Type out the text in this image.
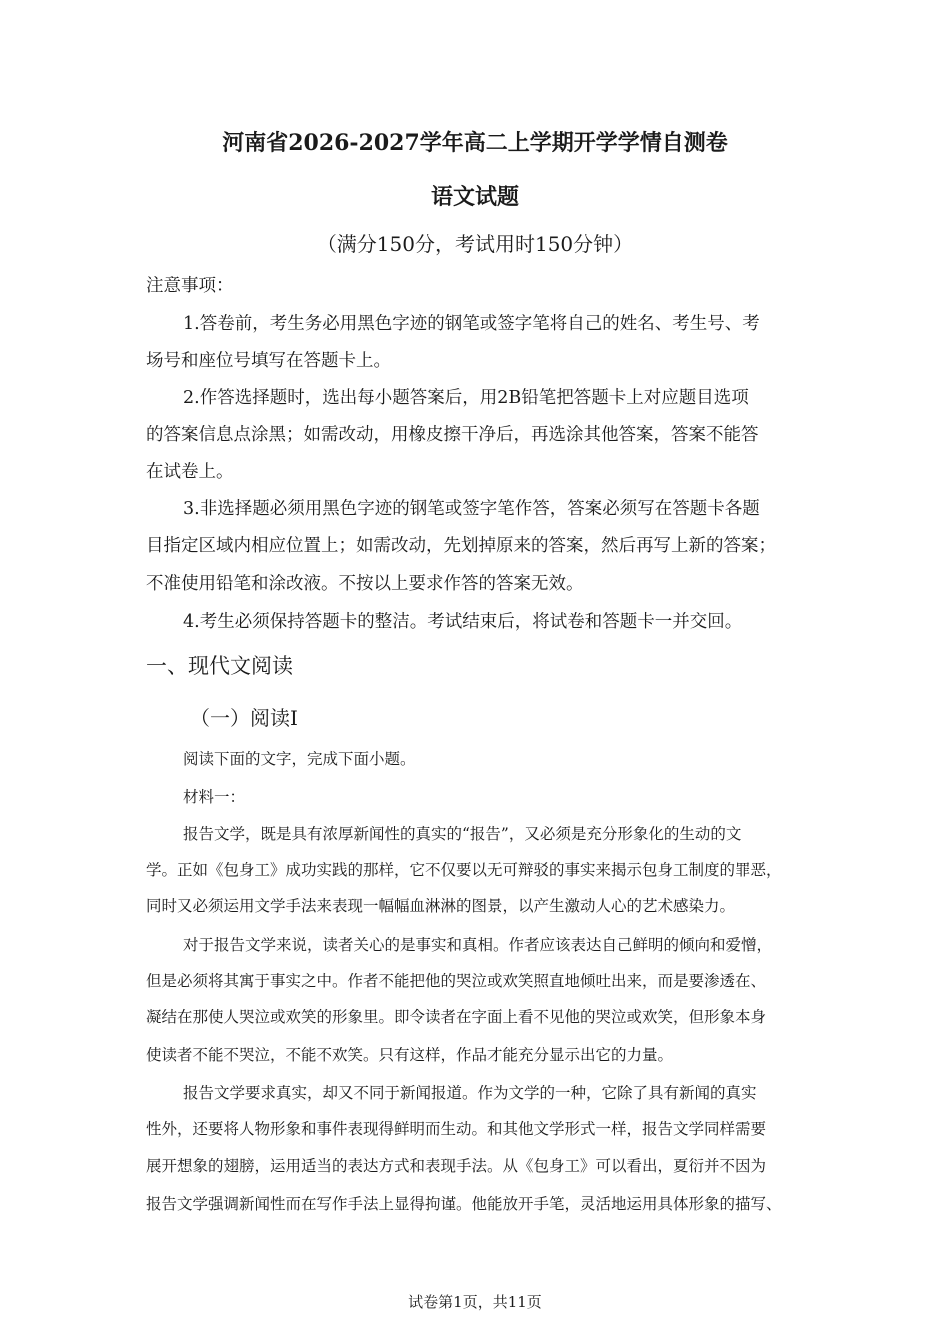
河南省2026-2027学年高二上学期开学学情自测卷
语文试题
（满分150分，考试用时150分钟）
注意事项：
1.答卷前，考生务必用黑色字迹的钢笔或签字笔将自己的姓名、考生号、考
场号和座位号填写在答题卡上。
2.作答选择题时，选出每小题答案后，用2B铅笔把答题卡上对应题目选项
的答案信息点涂黑；如需改动，用橡皮擦干净后，再选涂其他答案，答案不能答
在试卷上。
3.非选择题必须用黑色字迹的钢笔或签字笔作答，答案必须写在答题卡各题
目指定区域内相应位置上；如需改动，先划掉原来的答案，然后再写上新的答案；
不准使用铅笔和涂改液。不按以上要求作答的答案无效。
4.考生必须保持答题卡的整洁。考试结束后，将试卷和答题卡一并交回。
一、现代文阅读
（一）阅读Ⅰ
阅读下面的文字，完成下面小题。
材料一：
报告文学，既是具有浓厚新闻性的真实的“报告”，又必须是充分形象化的生动的文
学。正如《包身工》成功实践的那样，它不仅要以无可辩驳的事实来揭示包身工制度的罪恶，
同时又必须运用文学手法来表现一幅幅血淋淋的图景，以产生激动人心的艺术感染力。
对于报告文学来说，读者关心的是事实和真相。作者应该表达自己鲜明的倾向和爱憎，
但是必须将其寓于事实之中。作者不能把他的哭泣或欢笑照直地倾吐出来，而是要渗透在、
凝结在那使人哭泣或欢笑的形象里。即令读者在字面上看不见他的哭泣或欢笑，但形象本身
使读者不能不哭泣，不能不欢笑。只有这样，作品才能充分显示出它的力量。
报告文学要求真实，却又不同于新闻报道。作为文学的一种，它除了具有新闻的真实
性外，还要将人物形象和事件表现得鲜明而生动。和其他文学形式一样，报告文学同样需要
展开想象的翅膀，运用适当的表达方式和表现手法。从《包身工》可以看出，夏衍并不因为
报告文学强调新闻性而在写作手法上显得拘谨。他能放开手笔，灵活地运用具体形象的描写、
试卷第1页，共11页
